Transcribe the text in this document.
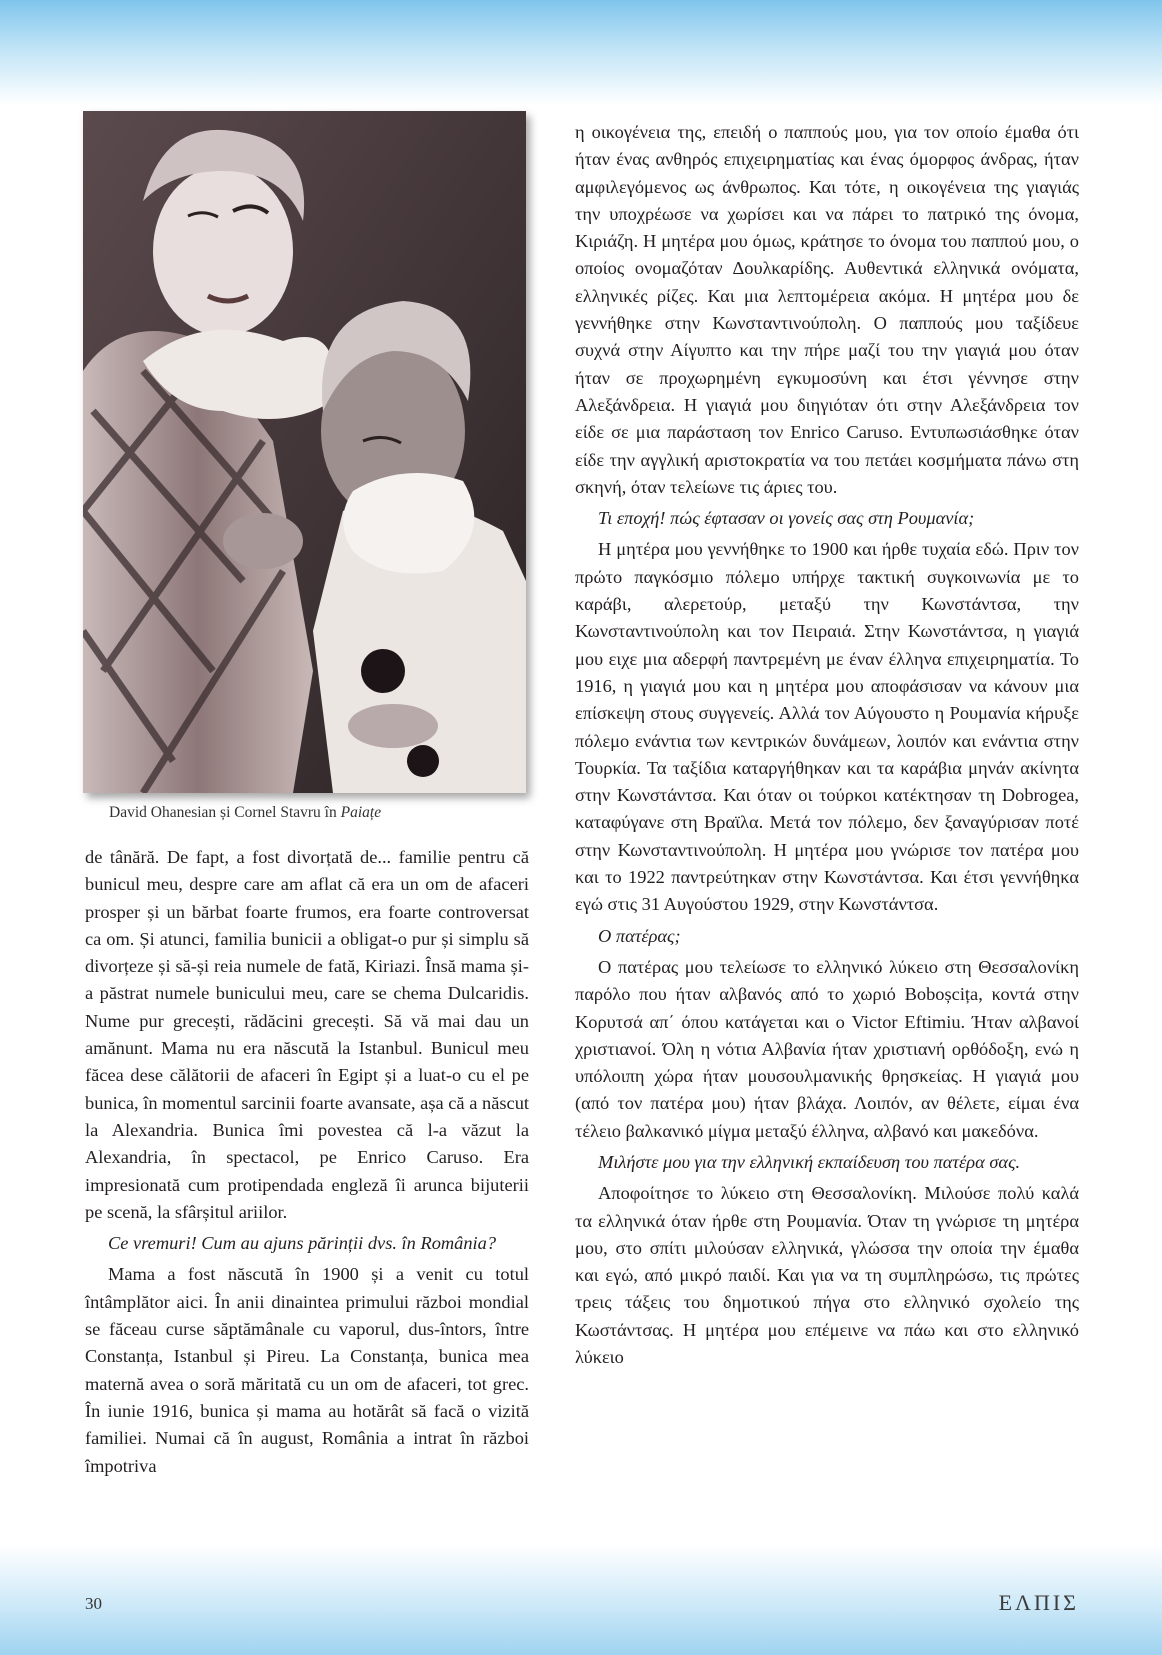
David Ohanesian și Cornel Stavru în Paiațe

de tânără. De fapt, a fost divorțată de... familie pentru că bunicul meu, despre care am aflat că era un om de afaceri prosper și un bărbat foarte frumos, era foarte controversat ca om. Și atunci, familia bunicii a obligat-o pur și simplu să divorțeze și să-și reia numele de fată, Kiriazi. Însă mama și-a păstrat numele bunicului meu, care se chema Dulcaridis. Nume pur grecești, rădăcini grecești. Să vă mai dau un amănunt. Mama nu era născută la Istanbul. Bunicul meu făcea dese călătorii de afaceri în Egipt și a luat-o cu el pe bunica, în momentul sarcinii foarte avansate, așa că a născut la Alexandria. Bunica îmi povestea că l-a văzut la Alexandria, în spectacol, pe Enrico Caruso. Era impresionată cum protipendada engleză îi arunca bijuterii pe scenă, la sfârșitul ariilor.

Ce vremuri! Cum au ajuns părinții dvs. în România?

Mama a fost născută în 1900 și a venit cu totul întâmplător aici. În anii dinaintea primului război mondial se făceau curse săptămânale cu vaporul, dus-întors, între Constanța, Istanbul și Pireu. La Constanța, bunica mea maternă avea o soră măritată cu un om de afaceri, tot grec. În iunie 1916, bunica și mama au hotărât să facă o vizită familiei. Numai că în august, România a intrat în război împotriva

η οικογένεια της, επειδή ο παππούς μου, για τον οποίο έμαθα ότι ήταν ένας ανθηρός επιχειρηματίας και ένας όμορφος άνδρας, ήταν αμφιλεγόμενος ως άνθρωπος. Και τότε, η οικογένεια της γιαγιάς την υποχρέωσε να χωρίσει και να πάρει το πατρικό της όνομα, Κιριάζη. Η μητέρα μου όμως, κράτησε το όνομα του παππού μου, ο οποίος ονομαζόταν Δουλκαρίδης. Αυθεντικά ελληνικά ονόματα, ελληνικές ρίζες. Και μια λεπτομέρεια ακόμα. Η μητέρα μου δε γεννήθηκε στην Κωνσταντινούπολη. Ο παππούς μου ταξίδευε συχνά στην Αίγυπτο και την πήρε μαζί του την γιαγιά μου όταν ήταν σε προχωρημένη εγκυμοσύνη και έτσι γέννησε στην Αλεξάνδρεια. Η γιαγιά μου διηγιόταν ότι στην Αλεξάνδρεια τον είδε σε μια παράσταση τον Enrico Caruso. Εντυπωσιάσθηκε όταν είδε την αγγλική αριστοκρατία να του πετάει κοσμήματα πάνω στη σκηνή, όταν τελείωνε τις άριες του.

Τι εποχή! πώς έφτασαν οι γονείς σας στη Ρουμανία;

Η μητέρα μου γεννήθηκε το 1900 και ήρθε τυχαία εδώ. Πριν τον πρώτο παγκόσμιο πόλεμο υπήρχε τακτική συγκοινωνία με το καράβι, αλερετούρ, μεταξύ την Κωνστάντσα, την Κωνσταντινούπολη και τον Πειραιά. Στην Κωνστάντσα, η γιαγιά μου ειχε μια αδερφή παντρεμένη με έναν έλληνα επιχειρηματία. Το 1916, η γιαγιά μου και η μητέρα μου αποφάσισαν να κάνουν μια επίσκεψη στους συγγενείς. Αλλά τον Αύγουστο η Ρουμανία κήρυξε πόλεμο ενάντια των κεντρικών δυνάμεων, λοιπόν και ενάντια στην Τουρκία. Τα ταξίδια καταργήθηκαν και τα καράβια μηνάν ακίνητα στην Κωνστάντσα. Και όταν οι τούρκοι κατέκτησαν τη Dobrogea, καταφύγανε στη Βραϊλα. Μετά τον πόλεμο, δεν ξαναγύρισαν ποτέ στην Κωνσταντινούπολη. Η μητέρα μου γνώρισε τον πατέρα μου και το 1922 παντρεύτηκαν στην Κωνστάντσα. Και έτσι γεννήθηκα εγώ στις 31 Αυγούστου 1929, στην Κωνστάντσα.

Ο πατέρας;

Ο πατέρας μου τελείωσε το ελληνικό λύκειο στη Θεσσαλονίκη παρόλο που ήταν αλβανός από το χωριό Boboșcița, κοντά στην Κορυτσά απ΄ όπου κατάγεται και ο Victor Eftimiu. Ήταν αλβανοί χριστιανοί. Όλη η νότια Αλβανία ήταν χριστιανή ορθόδοξη, ενώ η υπόλοιπη χώρα ήταν μουσουλμανικής θρησκείας. Η γιαγιά μου (από τον πατέρα μου) ήταν βλάχα. Λοιπόν, αν θέλετε, είμαι ένα τέλειο βαλκανικό μίγμα μεταξύ έλληνα, αλβανό και μακεδόνα.

Μιλήστε μου για την ελληνική εκπαίδευση του πατέρα σας.

Αποφοίτησε το λύκειο στη Θεσσαλονίκη. Μιλούσε πολύ καλά τα ελληνικά όταν ήρθε στη Ρουμανία. Όταν τη γνώρισε τη μητέρα μου, στο σπίτι μιλούσαν ελληνικά, γλώσσα την οποία την έμαθα και εγώ, από μικρό παιδί. Και για να τη συμπληρώσω, τις πρώτες τρεις τάξεις του δημοτικού πήγα στο ελληνικό σχολείο της Κωστάντσας. Η μητέρα μου επέμεινε να πάω και στο ελληνικό λύκειο

30	ΕΛΠΙΣ
